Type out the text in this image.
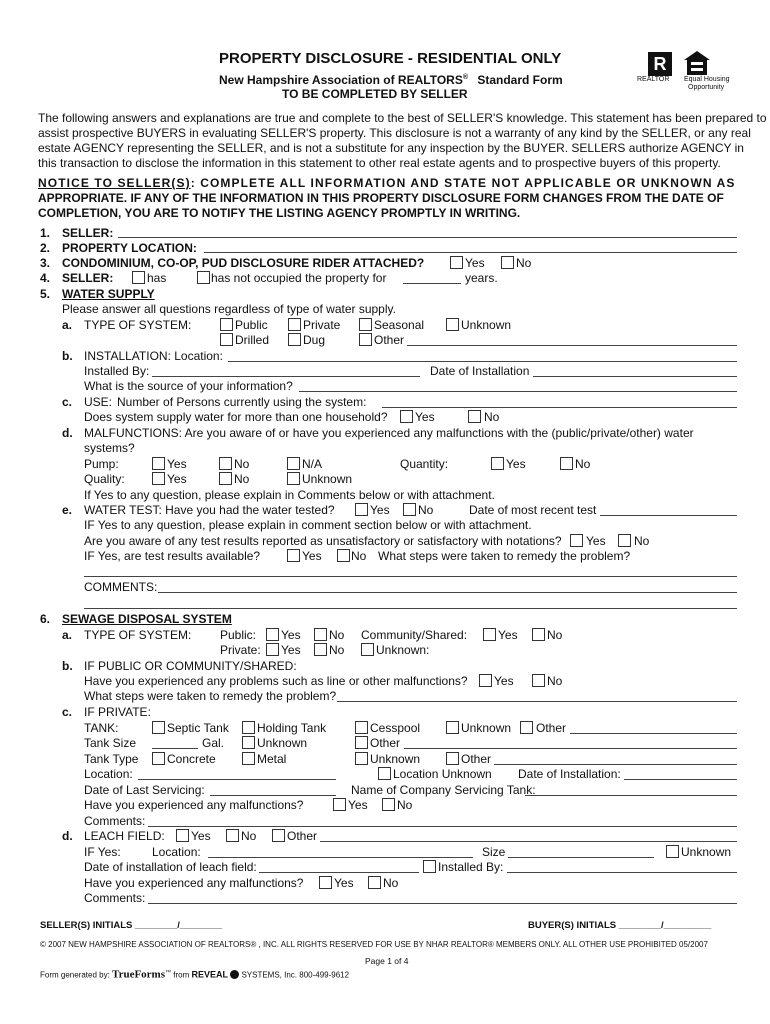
PROPERTY DISCLOSURE - RESIDENTIAL ONLY
New Hampshire Association of REALTORS® Standard Form
TO BE COMPLETED BY SELLER
R
REALTOR Equal Housing
Opportunity
The following answers and explanations are true and complete to the best of SELLER'S knowledge. This statement has been prepared to
assist prospective BUYERS in evaluating SELLER'S property. This disclosure is not a warranty of any kind by the SELLER, or any real
estate AGENCY representing the SELLER, and is not a substitute for any inspection by the BUYER. SELLERS authorize AGENCY in
this transaction to disclose the information in this statement to other real estate agents and to prospective buyers of this property.
NOTICE TO SELLER(S): COMPLETE ALL INFORMATION AND STATE NOT APPLICABLE OR UNKNOWN AS
APPROPRIATE. IF ANY OF THE INFORMATION IN THIS PROPERTY DISCLOSURE FORM CHANGES FROM THE DATE OF
COMPLETION, YOU ARE TO NOTIFY THE LISTING AGENCY PROMPTLY IN WRITING.
1. SELLER:
2. PROPERTY LOCATION:
3. CONDOMINIUM, CO-OP, PUD DISCLOSURE RIDER ATTACHED?	Yes	No
4. SELLER:	has	has not occupied the property for	years.
5. WATER SUPPLY
Please answer all questions regardless of type of water supply.
a. TYPE OF SYSTEM:	Public	Private	Seasonal	Unknown
Drilled	Dug	Other
b. INSTALLATION: Location:
Installed By:	Date of Installation
What is the source of your information?
c. USE: Number of Persons currently using the system:
Does system supply water for more than one household? Yes	No
d. MALFUNCTIONS: Are you aware of or have you experienced any malfunctions with the (public/private/other) water
systems?
Pump:	Yes	No	N/A	Quantity:	Yes	No
Quality:	Yes	No	Unknown
If Yes to any question, please explain in Comments below or with attachment.
e. WATER TEST: Have you had the water tested?	Yes No	Date of most recent test
IF Yes to any question, please explain in comment section below or with attachment.
Are you aware of any test results reported as unsatisfactory or satisfactory with notations? Yes No
IF Yes, are test results available?	Yes No What steps were taken to remedy the problem?
COMMENTS:
6. SEWAGE DISPOSAL SYSTEM
a. TYPE OF SYSTEM: Public: Yes No Community/Shared:	Yes No
Private: Yes No	Unknown:
b. IF PUBLIC OR COMMUNITY/SHARED:
Have you experienced any problems such as line or other malfunctions? Yes	No
What steps were taken to remedy the problem?
c. IF PRIVATE:
TANK:	Septic Tank Holding Tank	Cesspool	Unknown Other
Tank Size	Gal.	Unknown	Other
Tank Type Concrete	Metal	Unknown	Other
Location:	Location Unknown Date of Installation:
Date of Last Servicing:	Name of Company Servicing Tank:
Have you experienced any malfunctions?	Yes No
Comments:
d. LEACH FIELD: Yes	No	Other
IF Yes:	Location:	Size	Unknown
Date of installation of leach field:	Installed By:
Have you experienced any malfunctions?	Yes No
Comments:
SELLER(S) INITIALS ________/________	BUYER(S) INITIALS ________/_________
© 2007 NEW HAMPSHIRE ASSOCIATION OF REALTORS® , INC. ALL RIGHTS RESERVED FOR USE BY NHAR REALTOR® MEMBERS ONLY. ALL OTHER USE PROHIBITED 05/2007
Page 1 of 4
Form generated by: TrueForms™ from REVEAL SYSTEMS, Inc. 800-499-9612
